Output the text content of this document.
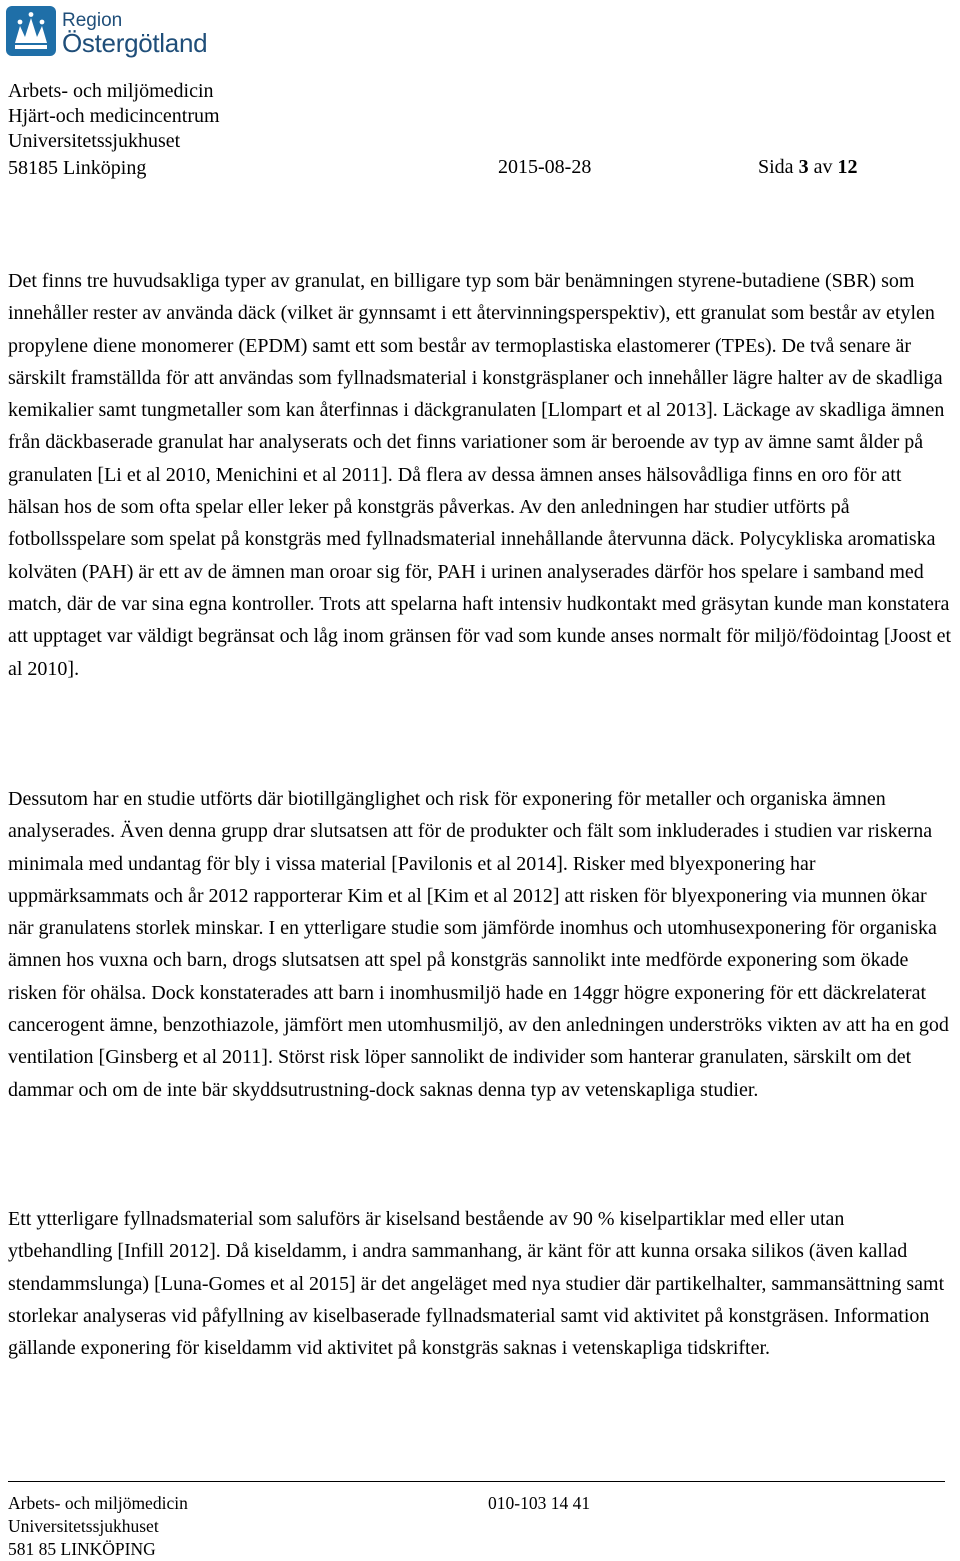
Region
Östergötland
Arbets- och miljömedicin
Hjärt-och medicincentrum
Universitetssjukhuset
58185 Linköping	2015-08-28	Sida 3 av 12

Det finns tre huvudsakliga typer av granulat, en billigare typ som bär benämningen styrene-butadiene (SBR) som innehåller rester av använda däck (vilket är gynnsamt i ett återvinningsperspektiv), ett granulat som består av etylen propylene diene monomerer (EPDM) samt ett som består av termoplastiska elastomerer (TPEs). De två senare är särskilt framställda för att användas som fyllnadsmaterial i konstgräsplaner och innehåller lägre halter av de skadliga kemikalier samt tungmetaller som kan återfinnas i däckgranulaten [Llompart et al 2013]. Läckage av skadliga ämnen från däckbaserade granulat har analyserats och det finns variationer som är beroende av typ av ämne samt ålder på granulaten [Li et al 2010, Menichini et al 2011]. Då flera av dessa ämnen anses hälsovådliga finns en oro för att hälsan hos de som ofta spelar eller leker på konstgräs påverkas. Av den anledningen har studier utförts på fotbollsspelare som spelat på konstgräs med fyllnadsmaterial innehållande återvunna däck. Polycykliska aromatiska kolväten (PAH) är ett av de ämnen man oroar sig för, PAH i urinen analyserades därför hos spelare i samband med match, där de var sina egna kontroller. Trots att spelarna haft intensiv hudkontakt med gräsytan kunde man konstatera att upptaget var väldigt begränsat och låg inom gränsen för vad som kunde anses normalt för miljö/födointag [Joost et al 2010].

Dessutom har en studie utförts där biotillgänglighet och risk för exponering för metaller och organiska ämnen analyserades. Även denna grupp drar slutsatsen att för de produkter och fält som inkluderades i studien var riskerna minimala med undantag för bly i vissa material [Pavilonis et al 2014]. Risker med blyexponering har uppmärksammats och år 2012 rapporterar Kim et al [Kim et al 2012] att risken för blyexponering via munnen ökar när granulatens storlek minskar. I en ytterligare studie som jämförde inomhus och utomhusexponering för organiska ämnen hos vuxna och barn, drogs slutsatsen att spel på konstgräs sannolikt inte medförde exponering som ökade risken för ohälsa. Dock konstaterades att barn i inomhusmiljö hade en 14ggr högre exponering för ett däckrelaterat cancerogent ämne, benzothiazole, jämfört men utomhusmiljö, av den anledningen underströks vikten av att ha en god ventilation [Ginsberg et al 2011]. Störst risk löper sannolikt de individer som hanterar granulaten, särskilt om det dammar och om de inte bär skyddsutrustning-dock saknas denna typ av vetenskapliga studier.

Ett ytterligare fyllnadsmaterial som saluförs är kiselsand bestående av 90 % kiselpartiklar med eller utan ytbehandling [Infill 2012]. Då kiseldamm, i andra sammanhang, är känt för att kunna orsaka silikos (även kallad stendammslunga) [Luna-Gomes et al 2015] är det angeläget med nya studier där partikelhalter, sammansättning samt storlekar analyseras vid påfyllning av kiselbaserade fyllnadsmaterial samt vid aktivitet på konstgräsen. Information gällande exponering för kiseldamm vid aktivitet på konstgräs saknas i vetenskapliga tidskrifter.

Arbets- och miljömedicin	010-103 14 41
Universitetssjukhuset
581 85 LINKÖPING
